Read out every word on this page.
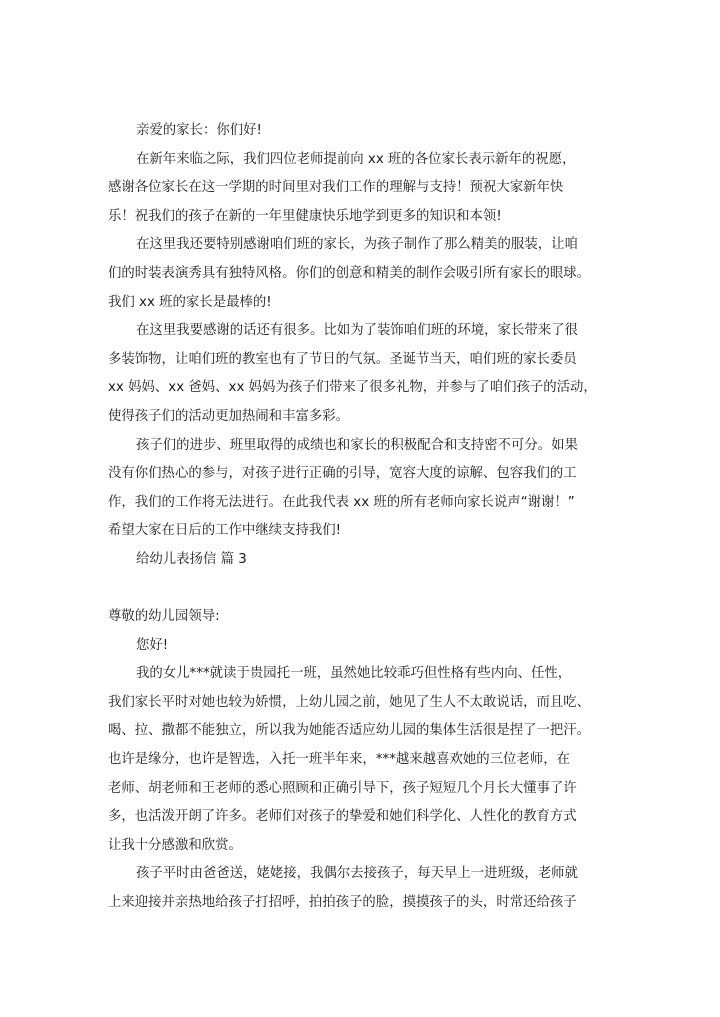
亲爱的家长：你们好!
在新年来临之际，我们四位老师提前向 xx 班的各位家长表示新年的祝愿，
感谢各位家长在这一学期的时间里对我们工作的理解与支持！预祝大家新年快
乐！祝我们的孩子在新的一年里健康快乐地学到更多的知识和本领!
在这里我还要特别感谢咱们班的家长，为孩子制作了那么精美的服装，让咱
们的时装表演秀具有独特风格。你们的创意和精美的制作会吸引所有家长的眼球。
我们 xx 班的家长是最棒的!
在这里我要感谢的话还有很多。比如为了装饰咱们班的环境，家长带来了很
多装饰物，让咱们班的教室也有了节日的气氛。圣诞节当天，咱们班的家长委员
xx 妈妈、xx 爸妈、xx 妈妈为孩子们带来了很多礼物，并参与了咱们孩子的活动，
使得孩子们的活动更加热闹和丰富多彩。
孩子们的进步、班里取得的成绩也和家长的积极配合和支持密不可分。如果
没有你们热心的参与，对孩子进行正确的引导，宽容大度的谅解、包容我们的工
作，我们的工作将无法进行。在此我代表 xx 班的所有老师向家长说声“谢谢！”
希望大家在日后的工作中继续支持我们!
给幼儿表扬信 篇 3
尊敬的幼儿园领导:
您好!
我的女儿***就读于贵园托一班，虽然她比较乖巧但性格有些内向、任性，
我们家长平时对她也较为娇惯，上幼儿园之前，她见了生人不太敢说话，而且吃、
喝、拉、撒都不能独立，所以我为她能否适应幼儿园的集体生活很是捏了一把汗。
也许是缘分，也许是智选，入托一班半年来，***越来越喜欢她的三位老师，在
老师、胡老师和王老师的悉心照顾和正确引导下，孩子短短几个月长大懂事了许
多，也活泼开朗了许多。老师们对孩子的挚爱和她们科学化、人性化的教育方式
让我十分感激和欣赏。
孩子平时由爸爸送，姥姥接，我偶尔去接孩子，每天早上一进班级，老师就
上来迎接并亲热地给孩子打招呼，拍拍孩子的脸，摸摸孩子的头，时常还给孩子
